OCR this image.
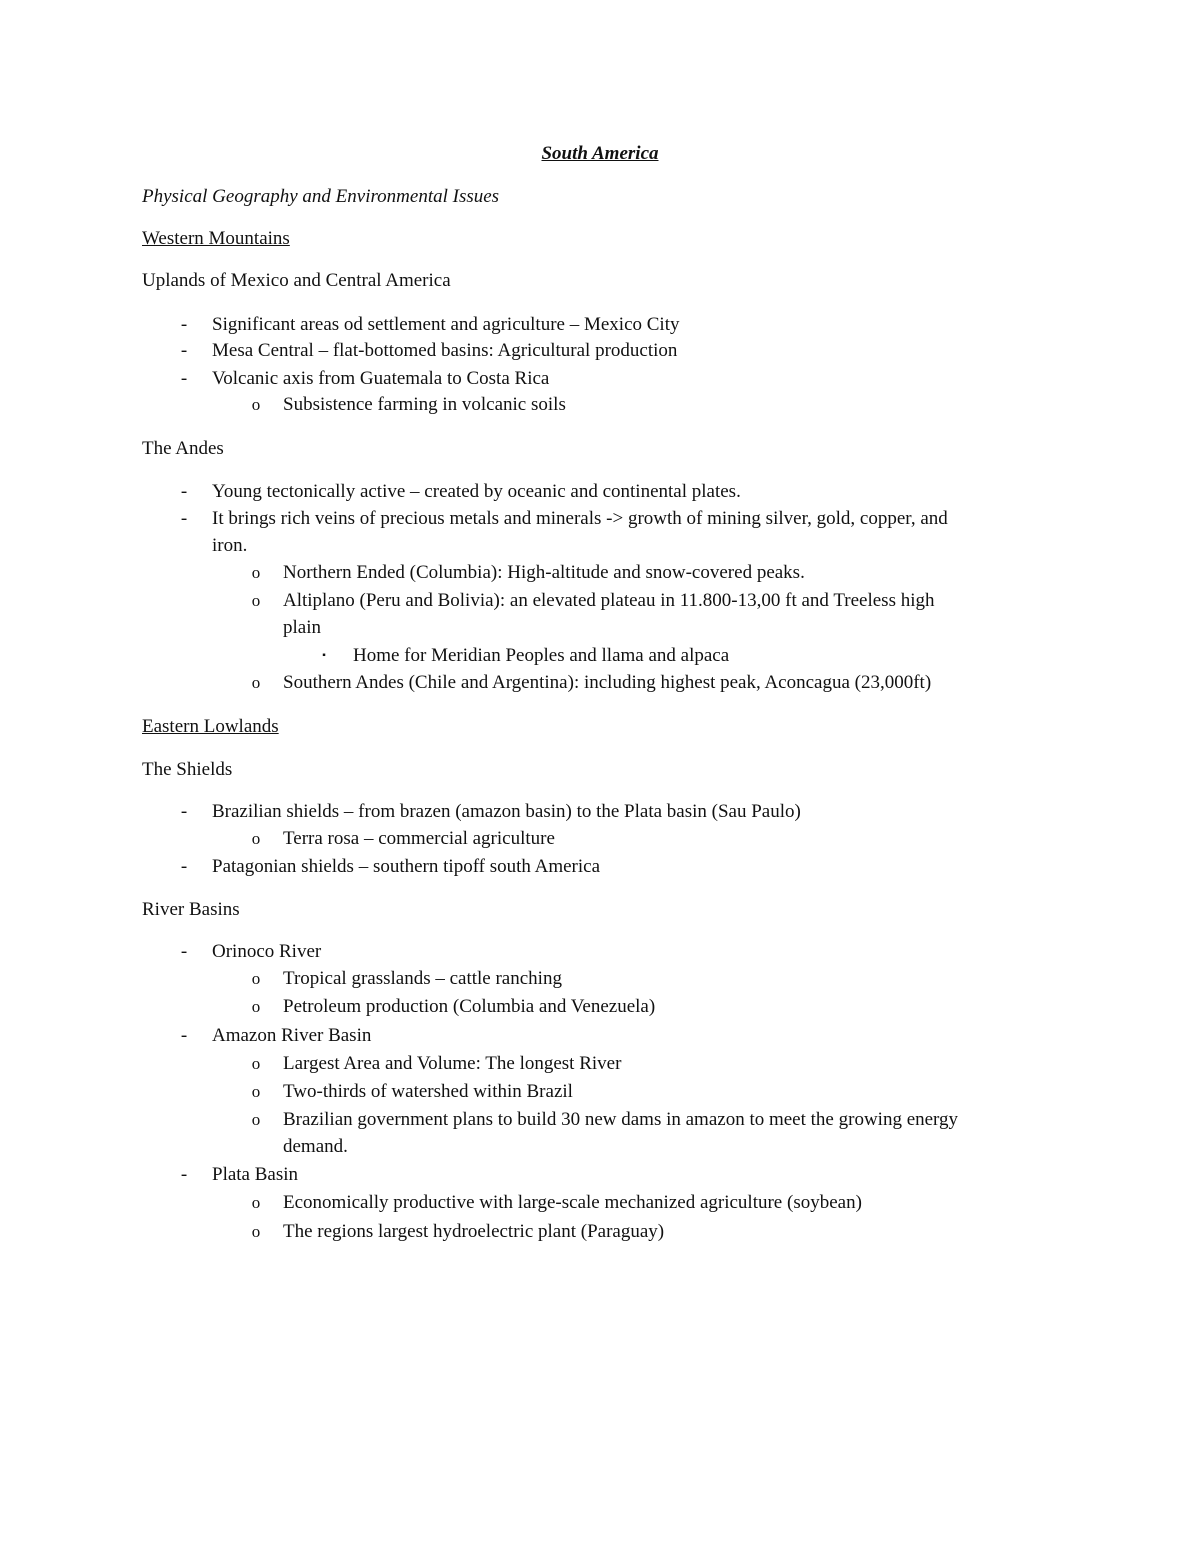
South America
Physical Geography and Environmental Issues
Western Mountains
Uplands of Mexico and Central America
-	Significant areas od settlement and agriculture – Mexico City
-	Mesa Central – flat-bottomed basins: Agricultural production
-	Volcanic axis from Guatemala to Costa Rica
o	Subsistence farming in volcanic soils
The Andes
-	Young tectonically active – created by oceanic and continental plates.
-	It brings rich veins of precious metals and minerals -> growth of mining silver, gold, copper, and
iron.
o	Northern Ended (Columbia): High-altitude and snow-covered peaks.
o	Altiplano (Peru and Bolivia): an elevated plateau in 11.800-13,00 ft and Treeless high
plain
▪	Home for Meridian Peoples and llama and alpaca
o	Southern Andes (Chile and Argentina): including highest peak, Aconcagua (23,000ft)
Eastern Lowlands
The Shields
-	Brazilian shields – from brazen (amazon basin) to the Plata basin (Sau Paulo)
o	Terra rosa – commercial agriculture
-	Patagonian shields – southern tipoff south America
River Basins
-	Orinoco River
o	Tropical grasslands – cattle ranching
o	Petroleum production (Columbia and Venezuela)
-	Amazon River Basin
o	Largest Area and Volume: The longest River
o	Two-thirds of watershed within Brazil
o	Brazilian government plans to build 30 new dams in amazon to meet the growing energy
demand.
-	Plata Basin
o	Economically productive with large-scale mechanized agriculture (soybean)
o	The regions largest hydroelectric plant (Paraguay)
